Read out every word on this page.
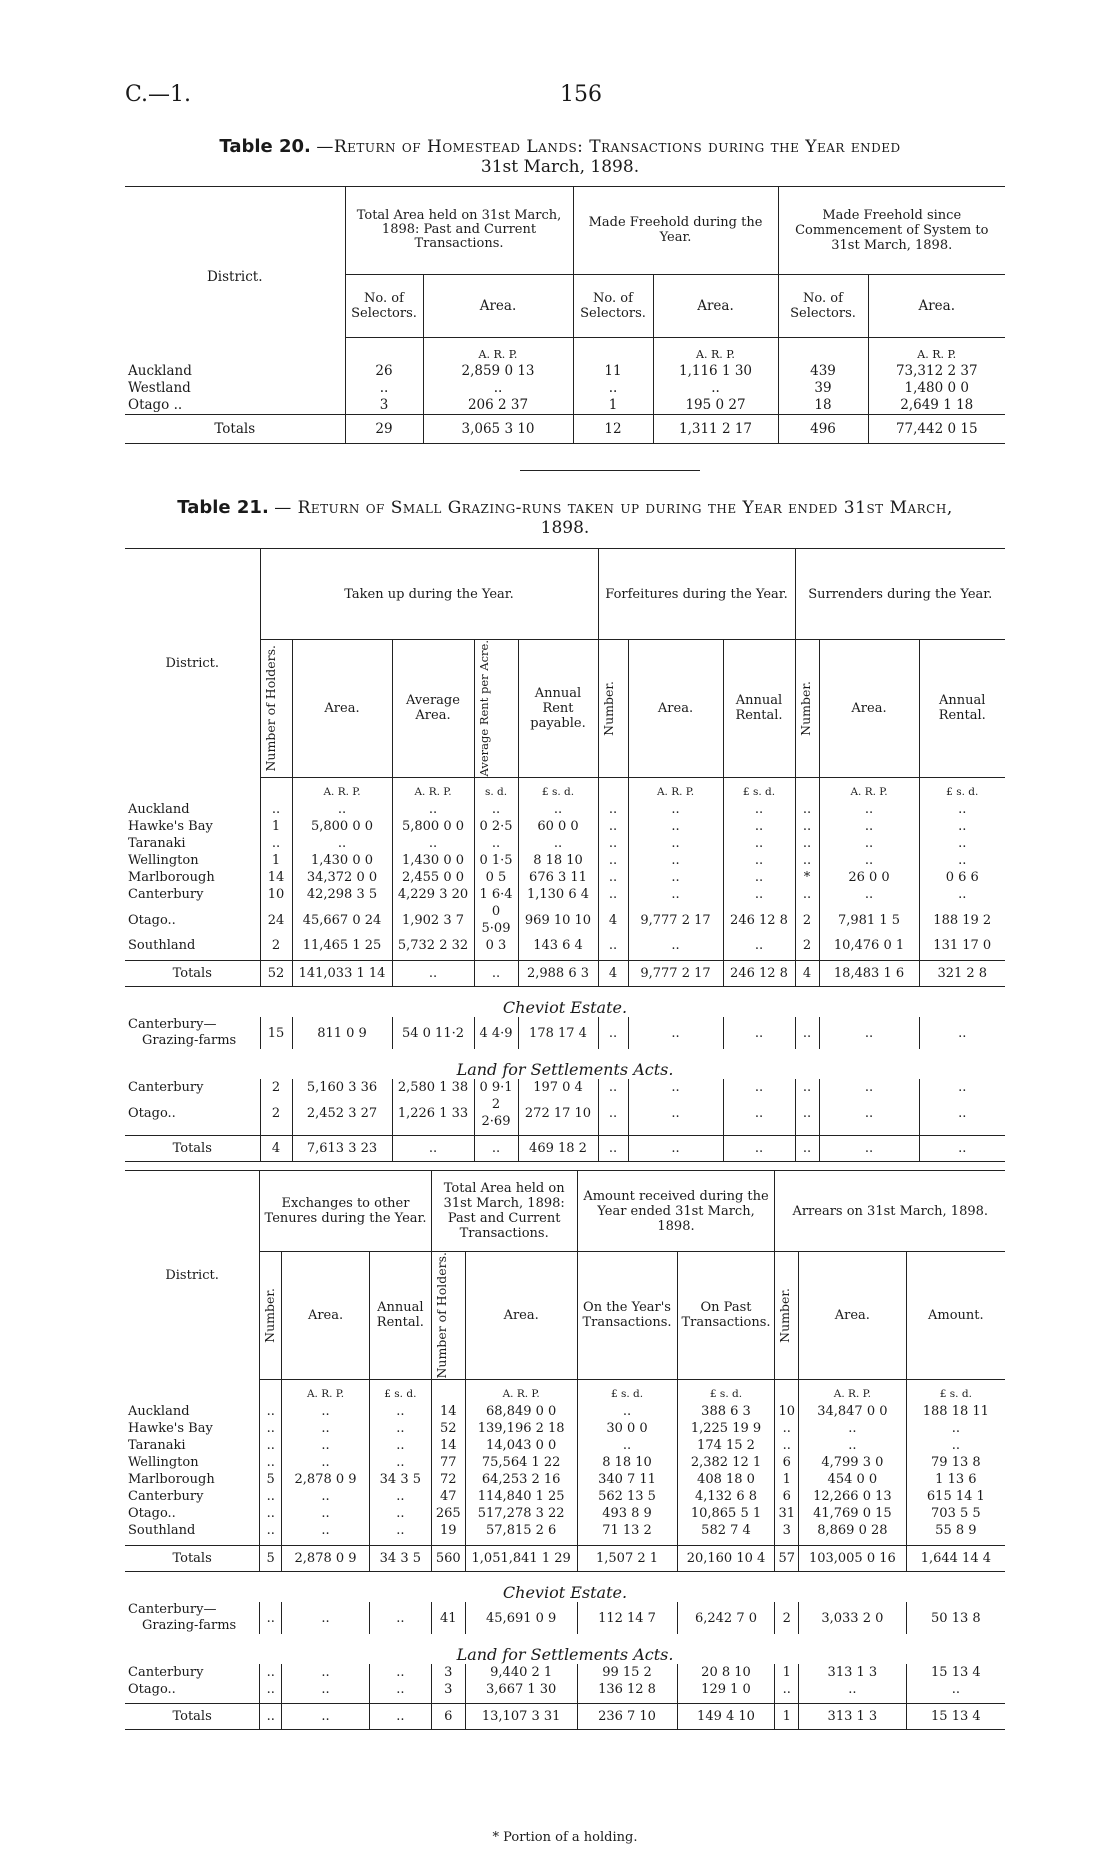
C.—1.	156
Table 20. —Return of Homestead Lands: Transactions during the Year ended
31st March, 1898.
District.	Total Area held on 31st March, 1898: Past and Current Transactions.		Made Freehold during the Year.		Made Freehold since Commencement of System to 31st March, 1898.	
	No. of Selectors.	Area.	No. of Selectors.	Area.	No. of Selectors.	Area.
		A. R. P.		A. R. P.		A. R. P.
Auckland	26	2,859 0 13	11	1,116 1 30	439	73,312 2 37
Westland	..	..	..	..	39	1,480 0 0
Otago ..	3	206 2 37	1	195 0 27	18	2,649 1 18
Totals	29	3,065 3 10	12	1,311 2 17	496	77,442 0 15
Table 21. — Return of Small Grazing-runs taken up during the Year ended 31st March,
1898.
District.	Taken up during the Year.					Forfeitures during the Year.			Surrenders during the Year.		

	Number of Holders.	Area.	Average Area.	Average Rent per Acre.	Annual Rent payable.	Number.	Area.	Annual Rental.	Number.	Area.	Annual Rental.
		A. R. P.	A. R. P.	s. d.	£ s. d.		A. R. P.	£ s. d.		A. R. P.	£ s. d.
Auckland	..	..	..	..	..	..	..	..	..	..	..
Hawke's Bay	1	5,800 0 0	5,800 0 0	0 2·5	60 0 0	..	..	..	..	..	..
Taranaki	..	..	..	..	..	..	..	..	..	..	..
Wellington	1	1,430 0 0	1,430 0 0	0 1·5	8 18 10	..	..	..	..	..	..
Marlborough	14	34,372 0 0	2,455 0 0	0 5	676 3 11	..	..	..	*	26 0 0	0 6 6
Canterbury	10	42,298 3 5	4,229 3 20	1 6·4	1,130 6 4	..	..	..	..	..	..
Otago..	24	45,667 0 24	1,902 3 7	0 5·09	969 10 10	4	9,777 2 17	246 12 8	2	7,981 1 5	188 19 2
Southland	2	11,465 1 25	5,732 2 32	0 3	143 6 4	..	..	..	2	10,476 0 1	131 17 0

Totals	52	141,033 1 14	..	..	2,988 6 3	4	9,777 2 17	246 12 8	4	18,483 1 6	321 2 8
Cheviot Estate.											

Canterbury—
Grazing-farms	15	811 0 9	54 0 11·2	4 4·9	178 17 4	..	..	..	..	..	..
Land for Settlements Acts.											
Canterbury	2	5,160 3 36	2,580 1 38	0 9·1	197 0 4	..	..	..	..	..	..
Otago..	2	2,452 3 27	1,226 1 33	2 2·69	272 17 10	..	..	..	..	..	..

Totals	4	7,613 3 23	..	..	469 18 2	..	..	..	..	..	..
District.	Exchanges to other Tenures during the Year.			Total Area held on 31st March, 1898: Past and Current Transactions.		Amount received during the Year ended 31st March, 1898.		Arrears on 31st March, 1898.		

	Number.	Area.	Annual Rental.	Number of Holders.	Area.	On the Year's Transactions.	On Past Transactions.	Number.	Area.	Amount.
		A. R. P.	£ s. d.		A. R. P.	£ s. d.	£ s. d.		A. R. P.	£ s. d.
Auckland	..	..	..	14	68,849 0 0	..	388 6 3	10	34,847 0 0	188 18 11
Hawke's Bay	..	..	..	52	139,196 2 18	30 0 0	1,225 19 9	..	..	..
Taranaki	..	..	..	14	14,043 0 0	..	174 15 2	..	..	..
Wellington	..	..	..	77	75,564 1 22	8 18 10	2,382 12 1	6	4,799 3 0	79 13 8
Marlborough	5	2,878 0 9	34 3 5	72	64,253 2 16	340 7 11	408 18 0	1	454 0 0	1 13 6
Canterbury	..	..	..	47	114,840 1 25	562 13 5	4,132 6 8	6	12,266 0 13	615 14 1
Otago..	..	..	..	265	517,278 3 22	493 8 9	10,865 5 1	31	41,769 0 15	703 5 5
Southland	..	..	..	19	57,815 2 6	71 13 2	582 7 4	3	8,869 0 28	55 8 9

Totals	5	2,878 0 9	34 3 5	560	1,051,841 1 29	1,507 2 1	20,160 10 4	57	103,005 0 16	1,644 14 4
Cheviot Estate.										

Canterbury—
Grazing-farms	..	..	..	41	45,691 0 9	112 14 7	6,242 7 0	2	3,033 2 0	50 13 8
Land for Settlements Acts.										
Canterbury	..	..	..	3	9,440 2 1	99 15 2	20 8 10	1	313 1 3	15 13 4
Otago..	..	..	..	3	3,667 1 30	136 12 8	129 1 0	..	..	..

Totals	..	..	..	6	13,107 3 31	236 7 10	149 4 10	1	313 1 3	15 13 4
* Portion of a holding.
